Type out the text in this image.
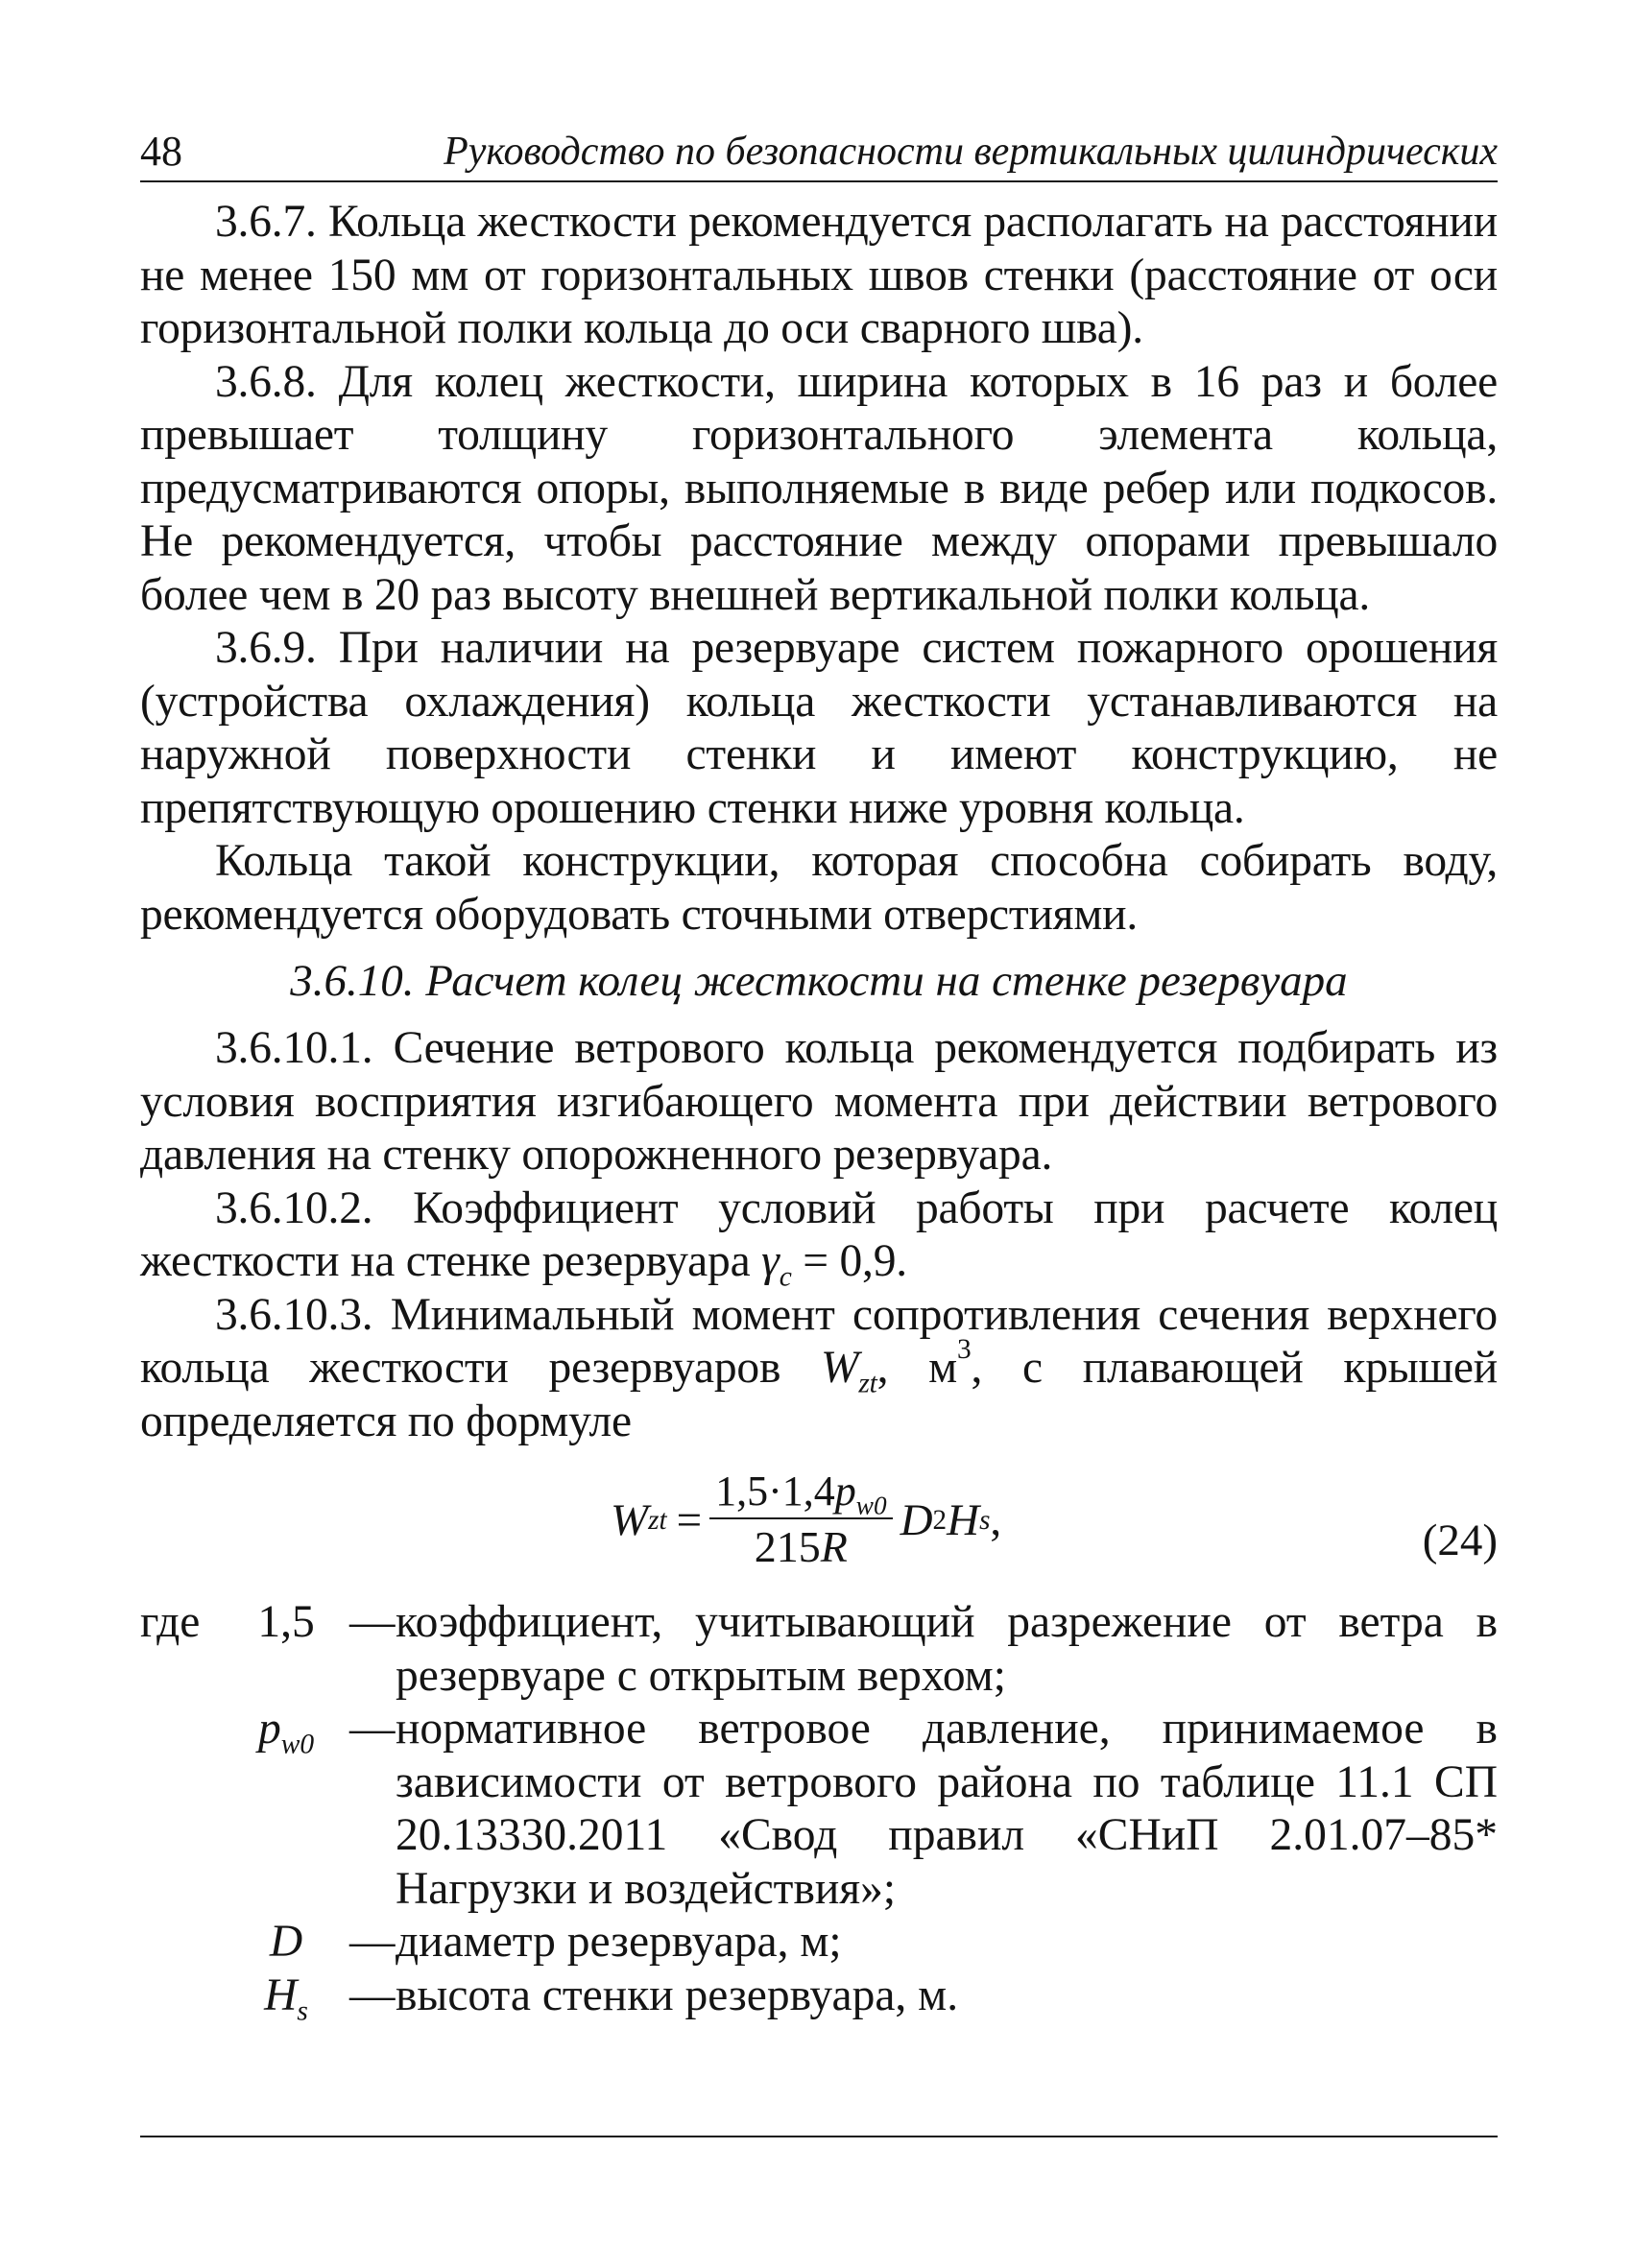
48	Руководство по безопасности вертикальных цилиндрических

3.6.7. Кольца жесткости рекомендуется располагать на расстоянии не менее 150 мм от горизонтальных швов стенки (расстояние от оси горизонтальной полки кольца до оси сварного шва).

3.6.8. Для колец жесткости, ширина которых в 16 раз и более превышает толщину горизонтального элемента кольца, предусматриваются опоры, выполняемые в виде ребер или подкосов. Не рекомендуется, чтобы расстояние между опорами превышало более чем в 20 раз высоту внешней вертикальной полки кольца.

3.6.9. При наличии на резервуаре систем пожарного орошения (устройства охлаждения) кольца жесткости устанавливаются на наружной поверхности стенки и имеют конструкцию, не препятствующую орошению стенки ниже уровня кольца.

Кольца такой конструкции, которая способна собирать воду, рекомендуется оборудовать сточными отверстиями.

3.6.10. Расчет колец жесткости на стенке резервуара

3.6.10.1. Сечение ветрового кольца рекомендуется подбирать из условия восприятия изгибающего момента при действии ветрового давления на стенку опорожненного резервуара.

3.6.10.2. Коэффициент условий работы при расчете колец жесткости на стенке резервуара $\gamma_c = 0,9$.

3.6.10.3. Минимальный момент сопротивления сечения верхнего кольца жесткости резервуаров $W_{zt}$, $м^3$, с плавающей крышей определяется по формуле

W zt = $\frac{1,5\cdot 1,4p_{w0}}{215R}$ D 2 H s ,	(24)
где	1,5 — коэффициент, учитывающий разрежение от ветра в резервуаре с открытым верхом;
$p_{w0}$ — нормативное ветровое давление, принимаемое в зависимости от ветрового района по таблице 11.1 СП 20.13330.2011 «Свод правил «СНиП 2.01.07–85* Нагрузки и воздействия»;
D	— диаметр резервуара, м;
$H_s$ — высота стенки резервуара, м.
